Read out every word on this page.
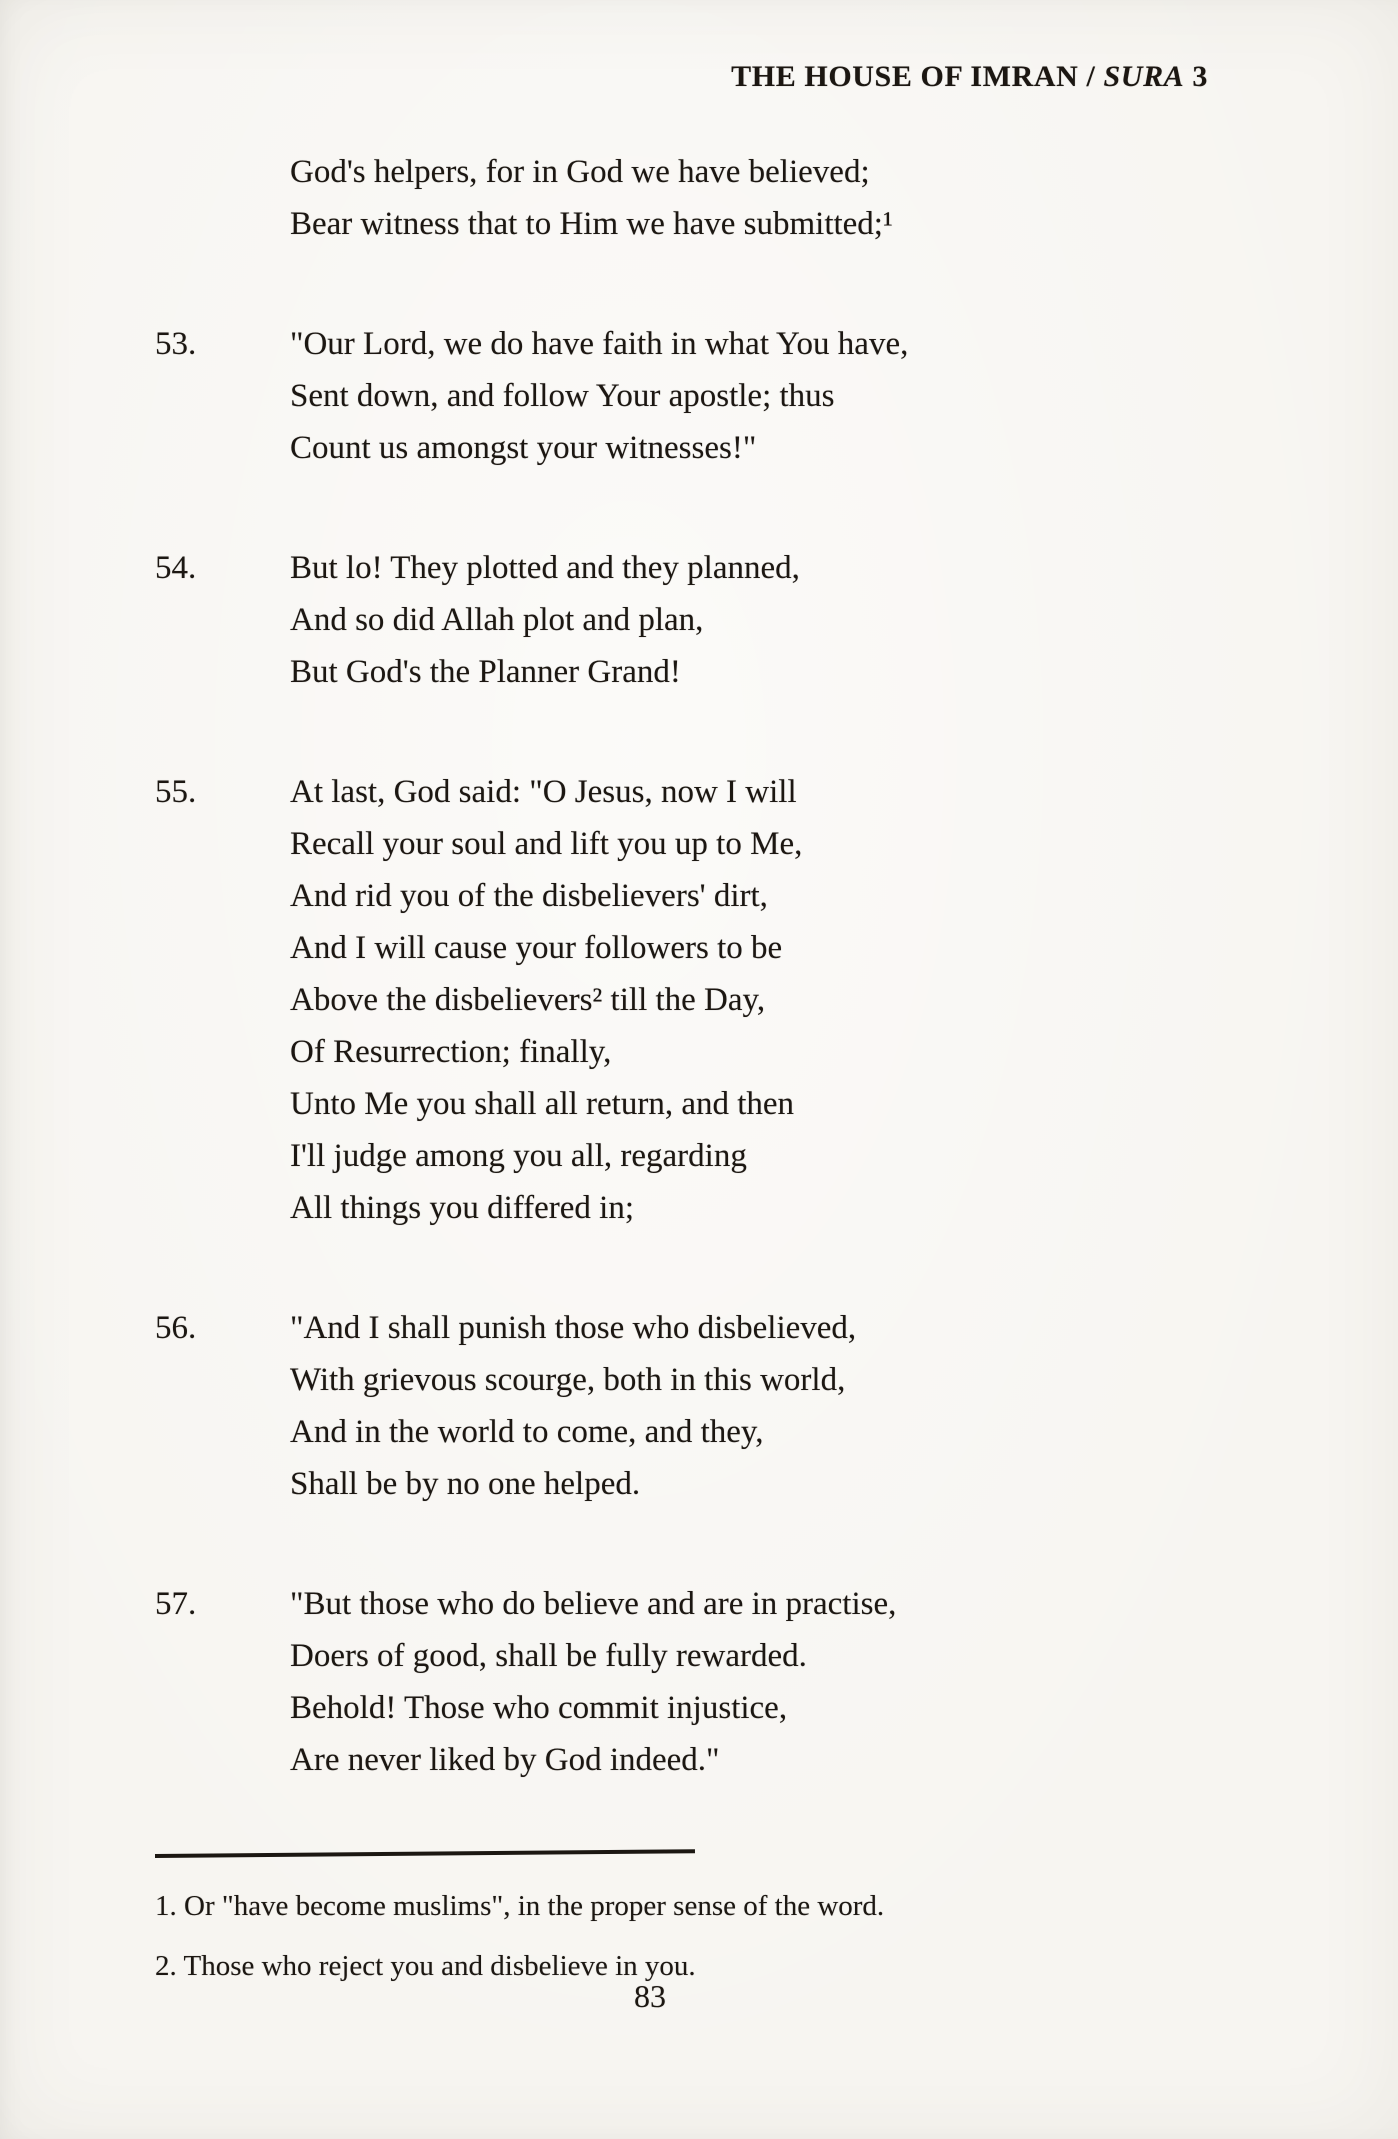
THE HOUSE OF IMRAN / SURA 3
God's helpers, for in God we have believed;
Bear witness that to Him we have submitted;¹
53.	"Our Lord, we do have faith in what You have,
Sent down, and follow Your apostle; thus
Count us amongst your witnesses!"
54.	But lo! They plotted and they planned,
And so did Allah plot and plan,
But God's the Planner Grand!
55.	At last, God said: "O Jesus, now I will
Recall your soul and lift you up to Me,
And rid you of the disbelievers' dirt,
And I will cause your followers to be
Above the disbelievers² till the Day,
Of Resurrection; finally,
Unto Me you shall all return, and then
I'll judge among you all, regarding
All things you differed in;
56.	"And I shall punish those who disbelieved,
With grievous scourge, both in this world,
And in the world to come, and they,
Shall be by no one helped.
57.	"But those who do believe and are in practise,
Doers of good, shall be fully rewarded.
Behold! Those who commit injustice,
Are never liked by God indeed."
1. Or "have become muslims", in the proper sense of the word.
2. Those who reject you and disbelieve in you.
83
